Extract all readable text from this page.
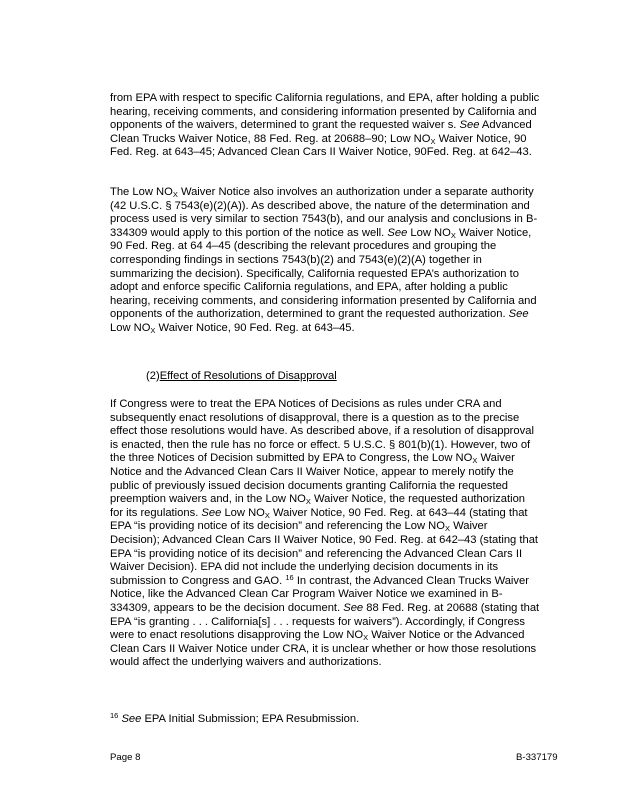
from EPA with respect to specific California regulations, and EPA, after holding a public hearing, receiving comments, and considering information presented by California and opponents of the waivers, determined to grant the requested waiver s. See Advanced Clean Trucks Waiver Notice, 88 Fed. Reg. at 20688–90; Low $NO_X$ Waiver Notice, 90 Fed. Reg. at 643–45; Advanced Clean Cars II Waiver Notice, 90Fed. Reg. at 642–43.

The Low $NO_X$ Waiver Notice also involves an authorization under a separate authority (42 U.S.C. § 7543(e)(2)(A)). As described above, the nature of the determination and process used is very similar to section 7543(b), and our analysis and conclusions in B-334309 would apply to this portion of the notice as well. See Low $NO_X$ Waiver Notice, 90 Fed. Reg. at 64 4–45 (describing the relevant procedures and grouping the corresponding findings in sections 7543(b)(2) and 7543(e)(2)(A) together in summarizing the decision). Specifically, California requested EPA’s authorization to adopt and enforce specific California regulations, and EPA, after holding a public hearing, receiving comments, and considering information presented by California and opponents of the authorization, determined to grant the requested authorization. See Low $NO_X$ Waiver Notice, 90 Fed. Reg. at 643–45.

(2)Effect of Resolutions of Disapproval

If Congress were to treat the EPA Notices of Decisions as rules under CRA and subsequently enact resolutions of disapproval, there is a question as to the precise effect those resolutions would have. As described above, if a resolution of disapproval is enacted, then the rule has no force or effect. 5 U.S.C. § 801(b)(1). However, two of the three Notices of Decision submitted by EPA to Congress, the Low $NO_X$ Waiver Notice and the Advanced Clean Cars II Waiver Notice, appear to merely notify the public of previously issued decision documents granting California the requested preemption waivers and, in the Low $NO_X$ Waiver Notice, the requested authorization for its regulations. See Low $NO_X$ Waiver Notice, 90 Fed. Reg. at 643–44 (stating that EPA “is providing notice of its decision” and referencing the Low $NO_X$ Waiver Decision); Advanced Clean Cars II Waiver Notice, 90 Fed. Reg. at 642–43 (stating that EPA “is providing notice of its decision” and referencing the Advanced Clean Cars II Waiver Decision). EPA did not include the underlying decision documents in its submission to Congress and GAO. $^{16}$ In contrast, the Advanced Clean Trucks Waiver Notice, like the Advanced Clean Car Program Waiver Notice we examined in B-334309, appears to be the decision document. See 88 Fed. Reg. at 20688 (stating that EPA “is granting . . . California[s] . . . requests for waivers”). Accordingly, if Congress were to enact resolutions disapproving the Low $NO_X$ Waiver Notice or the Advanced Clean Cars II Waiver Notice under CRA, it is unclear whether or how those resolutions would affect the underlying waivers and authorizations.

$^{16}$ See EPA Initial Submission; EPA Resubmission.

Page 8	B-337179
